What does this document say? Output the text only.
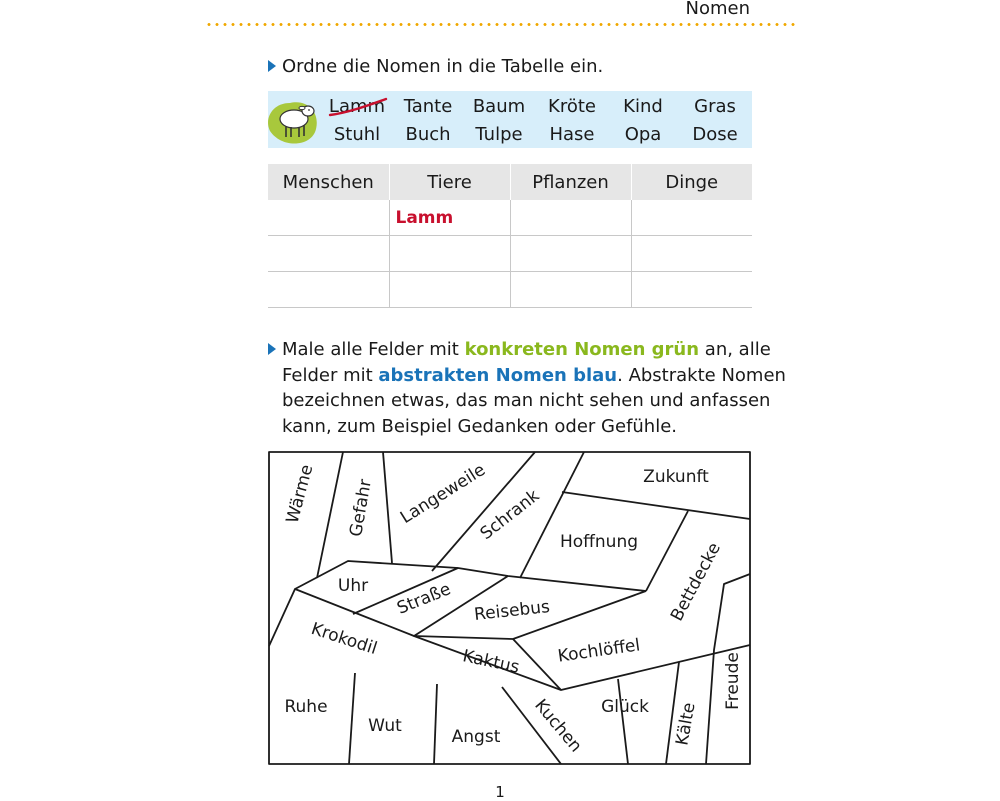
Nomen
Ordne die Nomen in die Tabelle ein.
Lamm Tante Baum Kröte Kind Gras
Stuhl Buch Tulpe Hase Opa Dose
Menschen	Tiere	Pflanzen	Dinge
	Lamm		

Male alle Felder mit konkreten Nomen grün an, alle
Felder mit abstrakten Nomen blau. Abstrakte Nomen
bezeichnen etwas, das man nicht sehen und anfassen
kann, zum Beispiel Gedanken oder Gefühle.
Wärme Gefahr Langeweile
Schrank
Zukunft
Hoffnung Bettdecke
Uhr Straße Reisebus
Krokodil
Kaktus Kochlöffel
Freude
Ruhe
Wut
Angst Kuchen Glück Kälte
1
